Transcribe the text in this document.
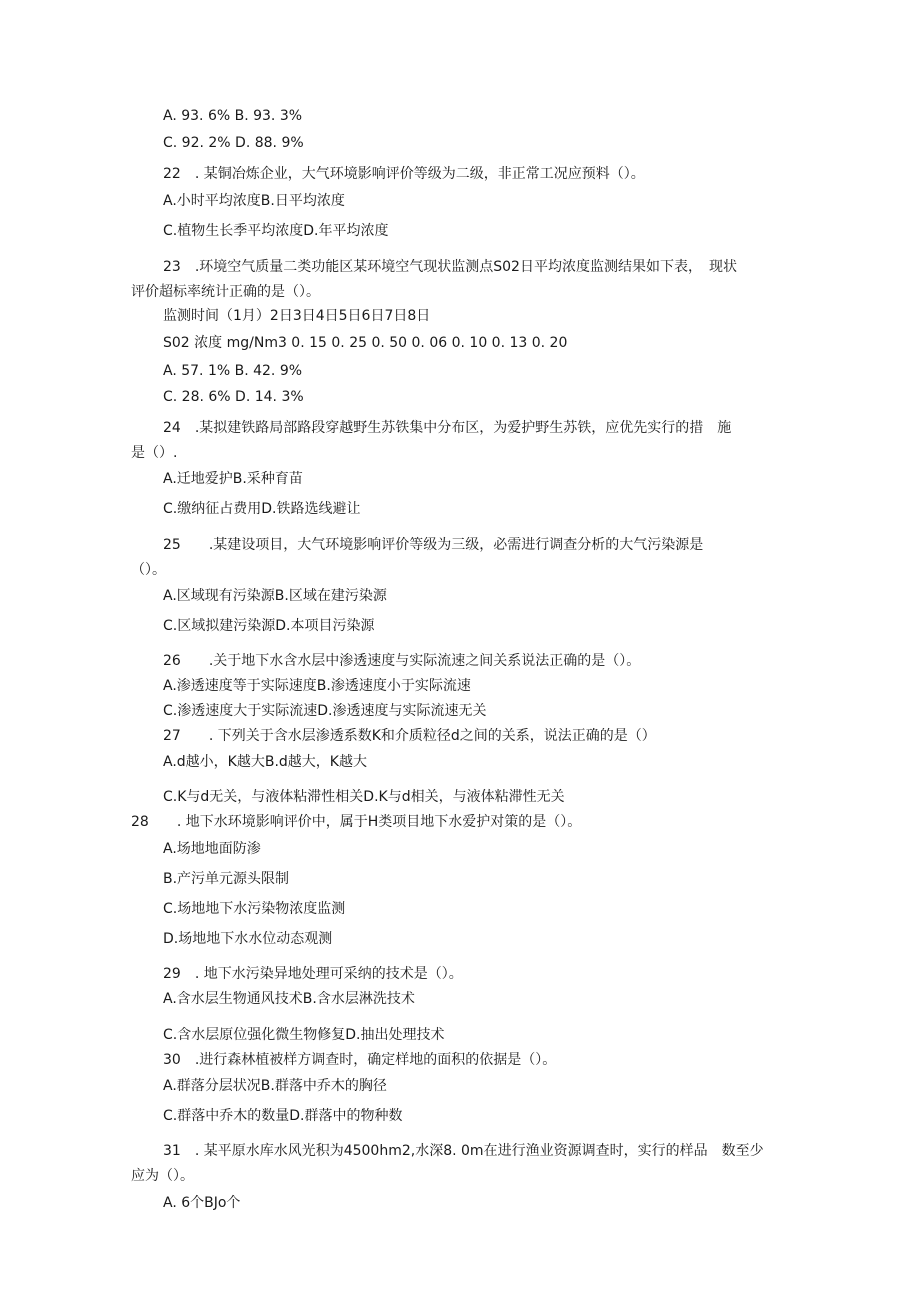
A. 93. 6% B. 93. 3%
C. 92. 2% D. 88. 9%
22　. 某铜冶炼企业，大气环境影响评价等级为二级，非正常工况应预料（）。
A.小时平均浓度B.日平均浓度
C.植物生长季平均浓度D.年平均浓度
23　.环境空气质量二类功能区某环境空气现状监测点S02日平均浓度监测结果如下表，　现状
评价超标率统计正确的是（）。
监测时间（1月）2日3日4日5日6日7日8日
S02 浓度 mg/Nm3 0. 15 0. 25 0. 50 0. 06 0. 10 0. 13 0. 20
A. 57. 1% B. 42. 9%
C. 28. 6% D. 14. 3%
24　.某拟建铁路局部路段穿越野生苏铁集中分布区，为爱护野生苏铁，应优先实行的措　施
是（）.
A.迁地爱护B.采种育苗
C.缴纳征占费用D.铁路选线避让
25　　.某建设项目，大气环境影响评价等级为三级，必需进行调查分析的大气污染源是
（）。
A.区域现有污染源B.区域在建污染源
C.区域拟建污染源D.本项目污染源
26　　.关于地下水含水层中渗透速度与实际流速之间关系说法正确的是（）。
A.渗透速度等于实际速度B.渗透速度小于实际流速
C.渗透速度大于实际流速D.渗透速度与实际流速无关
27　　. 下列关于含水层渗透系数K和介质粒径d之间的关系，说法正确的是（）
A.d越小，K越大B.d越大，K越大
C.K与d无关，与液体粘滞性相关D.K与d相关，与液体粘滞性无关
28　　. 地下水环境影响评价中，属于H类项目地下水爱护对策的是（）。
A.场地地面防渗
B.产污单元源头限制
C.场地地下水污染物浓度监测
D.场地地下水水位动态观测
29　. 地下水污染异地处理可采纳的技术是（）。
A.含水层生物通风技术B.含水层淋洗技术
C.含水层原位强化微生物修复D.抽出处理技术
30　.进行森林植被样方调查时，确定样地的面积的依据是（）。
A.群落分层状况B.群落中乔木的胸径
C.群落中乔木的数量D.群落中的物种数
31　. 某平原水库水风光积为4500hm2,水深8. 0m在进行渔业资源调查时，实行的样品　数至少
应为（）。
A. 6个BJo个
